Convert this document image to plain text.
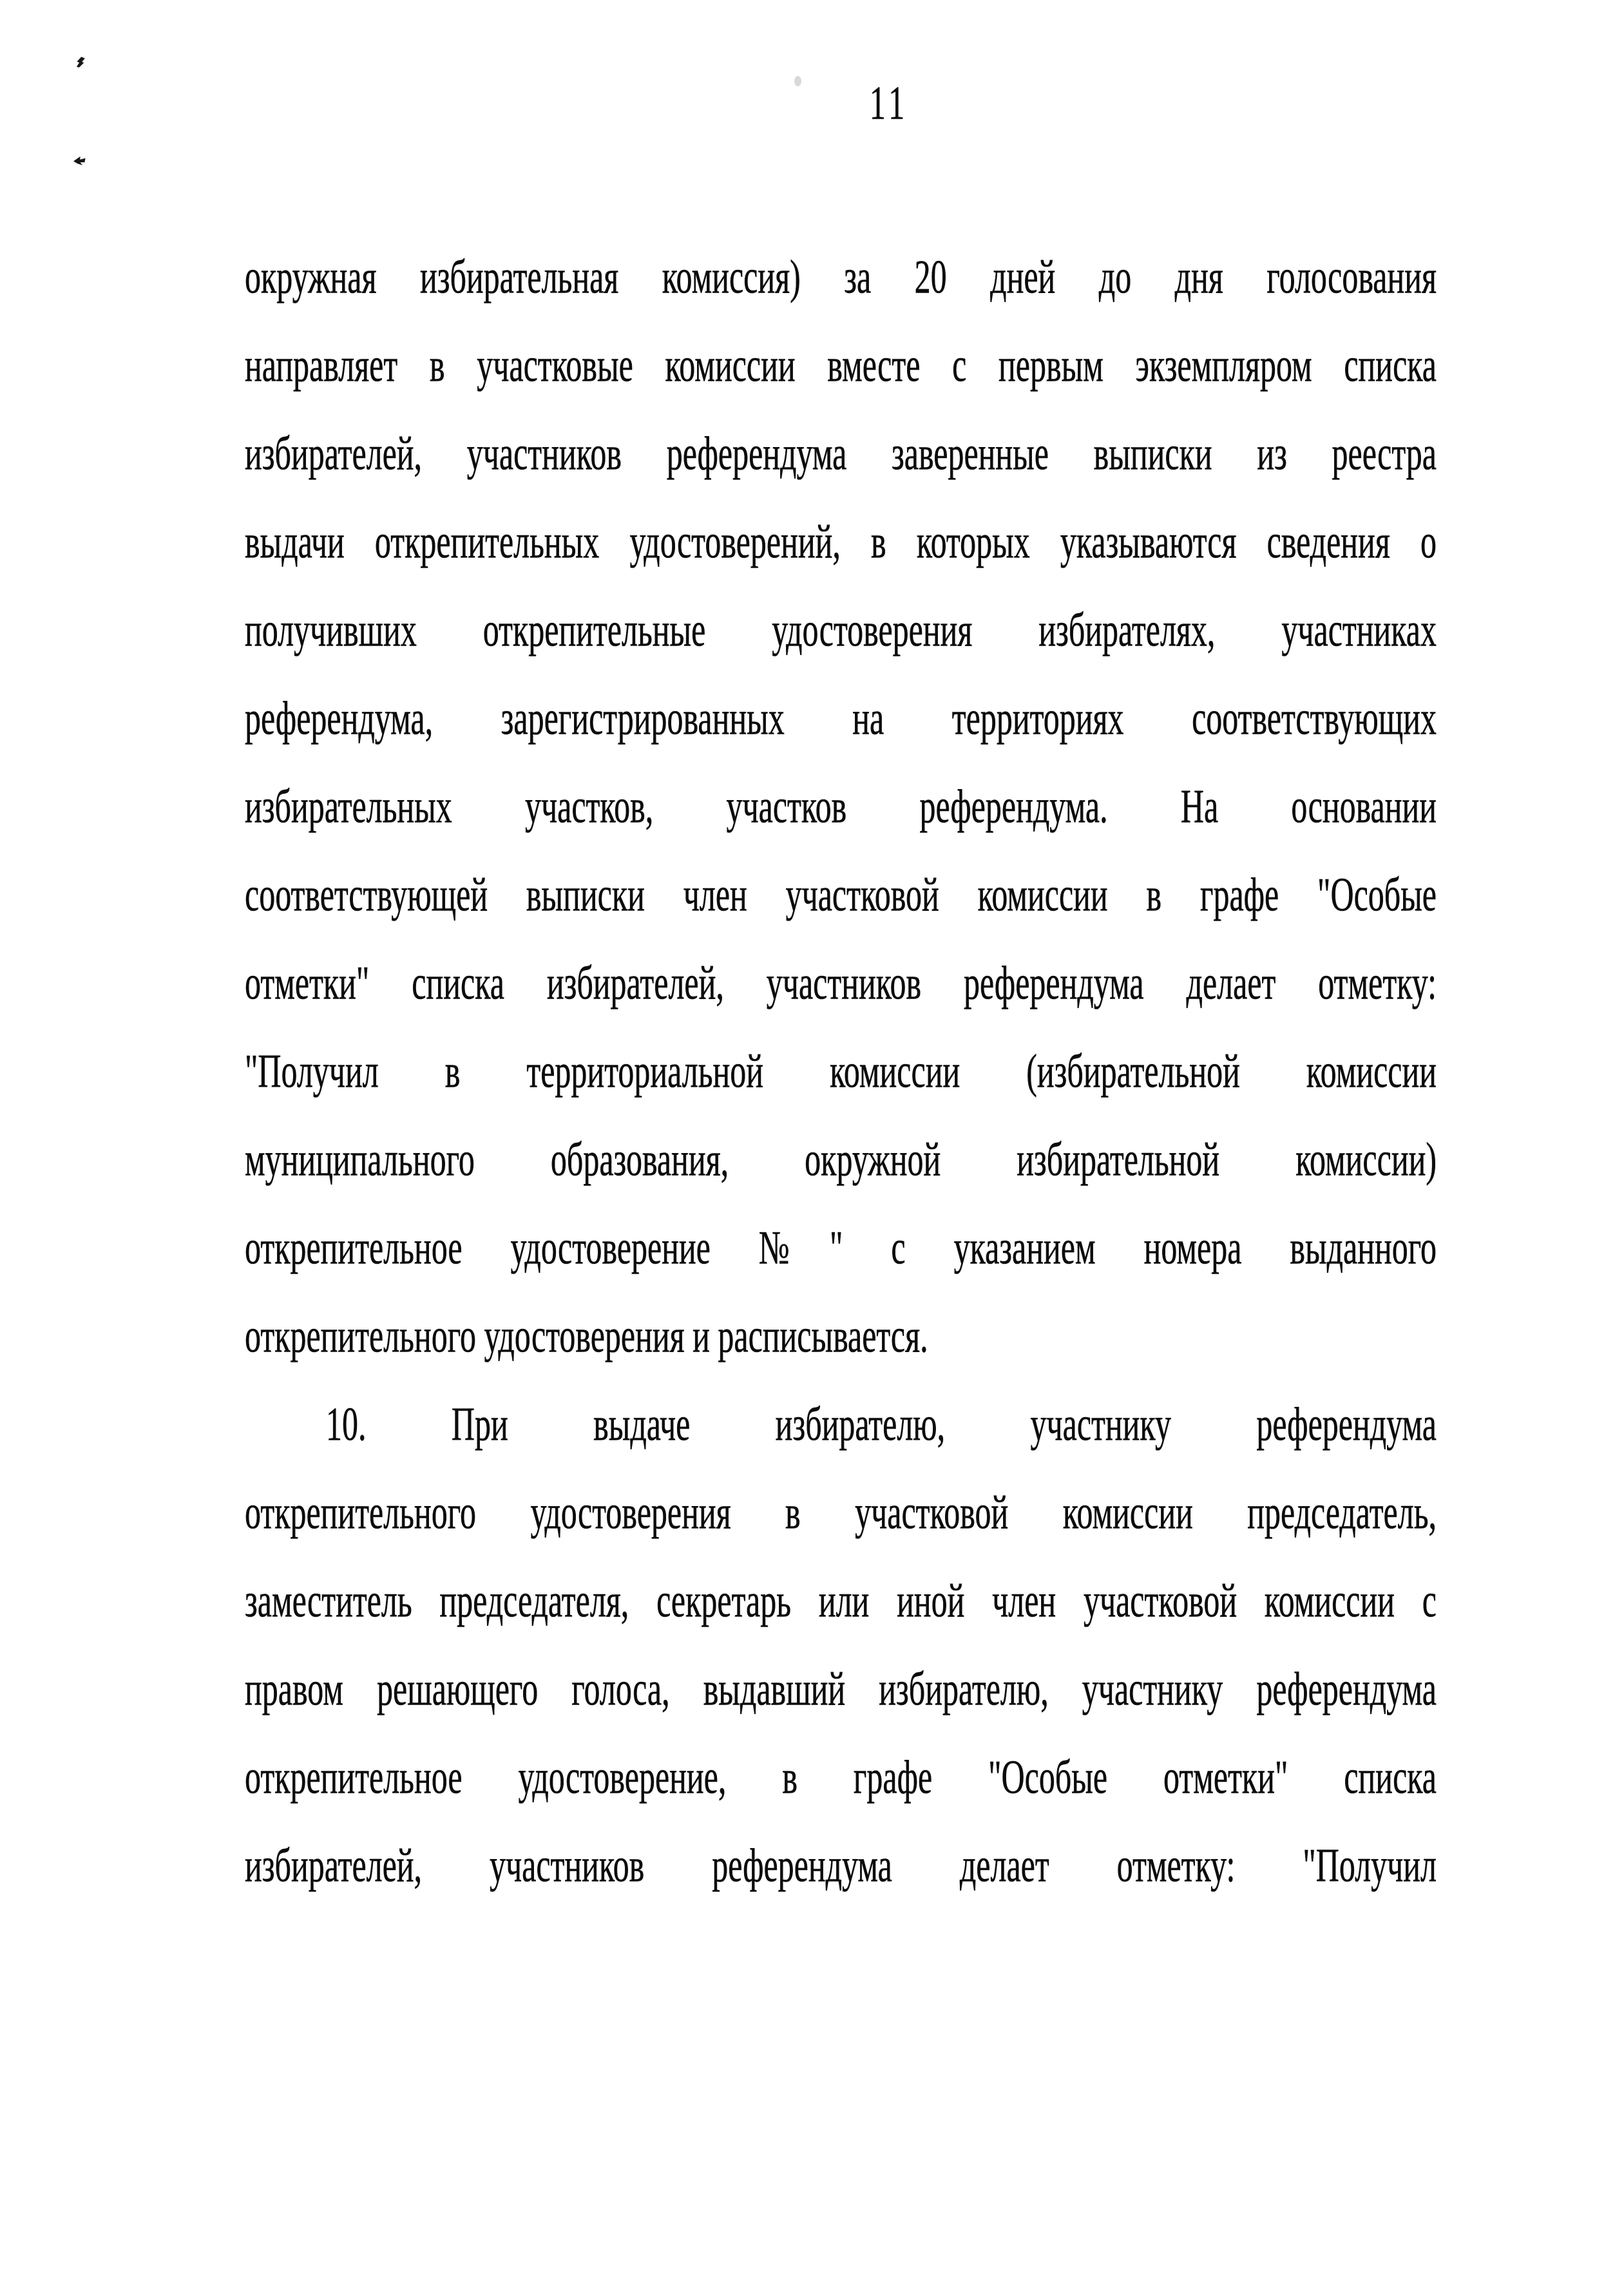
11
окружная избирательная комиссия) за 20 дней до дня голосования
направляет в участковые комиссии вместе с первым экземпляром списка
избирателей, участников референдума заверенные выписки из реестра
выдачи открепительных удостоверений, в которых указываются сведения о
получивших открепительные удостоверения избирателях, участниках
референдума, зарегистрированных на территориях соответствующих
избирательных участков, участков референдума. На основании
соответствующей выписки член участковой комиссии в графе "Особые
отметки" списка избирателей, участников референдума делает отметку:
"Получил в территориальной комиссии (избирательной комиссии
муниципального образования, окружной избирательной комиссии)
открепительное удостоверение №" с указанием номера выданного
открепительного удостоверения и расписывается.
10. При выдаче избирателю, участнику референдума
открепительного удостоверения в участковой комиссии председатель,
заместитель председателя, секретарь или иной член участковой комиссии с
правом решающего голоса, выдавший избирателю, участнику референдума
открепительное удостоверение, в графе "Особые отметки" списка
избирателей, участников референдума делает отметку: "Получил
